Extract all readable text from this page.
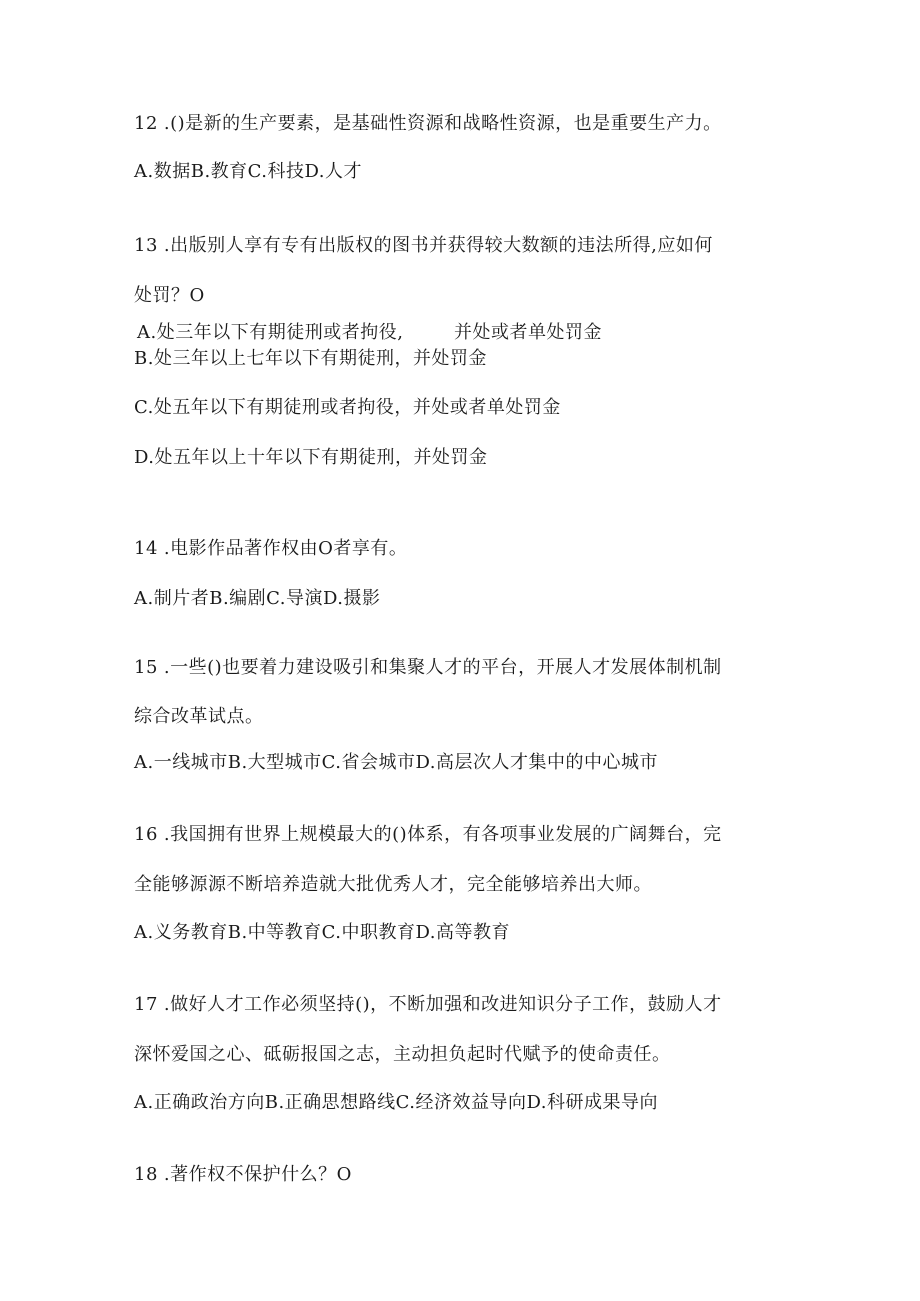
12 .()是新的生产要素，是基础性资源和战略性资源，也是重要生产力。
A.数据B.教育C.科技D.人才
13 .出版别人享有专有出版权的图书并获得较大数额的违法所得,应如何
处罚？O
A.处三年以下有期徒刑或者拘役,	并处或者单处罚金
B.处三年以上七年以下有期徒刑，并处罚金
C.处五年以下有期徒刑或者拘役，并处或者单处罚金
D.处五年以上十年以下有期徒刑，并处罚金
14 .电影作品著作权由O者享有。
A.制片者B.编剧C.导演D.摄影
15 .一些()也要着力建设吸引和集聚人才的平台，开展人才发展体制机制
综合改革试点。
A.一线城市B.大型城市C.省会城市D.高层次人才集中的中心城市
16 .我国拥有世界上规模最大的()体系，有各项事业发展的广阔舞台，完
全能够源源不断培养造就大批优秀人才，完全能够培养出大师。
A.义务教育B.中等教育C.中职教育D.高等教育
17 .做好人才工作必须坚持()，不断加强和改进知识分子工作，鼓励人才
深怀爱国之心、砥砺报国之志，主动担负起时代赋予的使命责任。
A.正确政治方向B.正确思想路线C.经济效益导向D.科研成果导向
18 .著作权不保护什么？O
